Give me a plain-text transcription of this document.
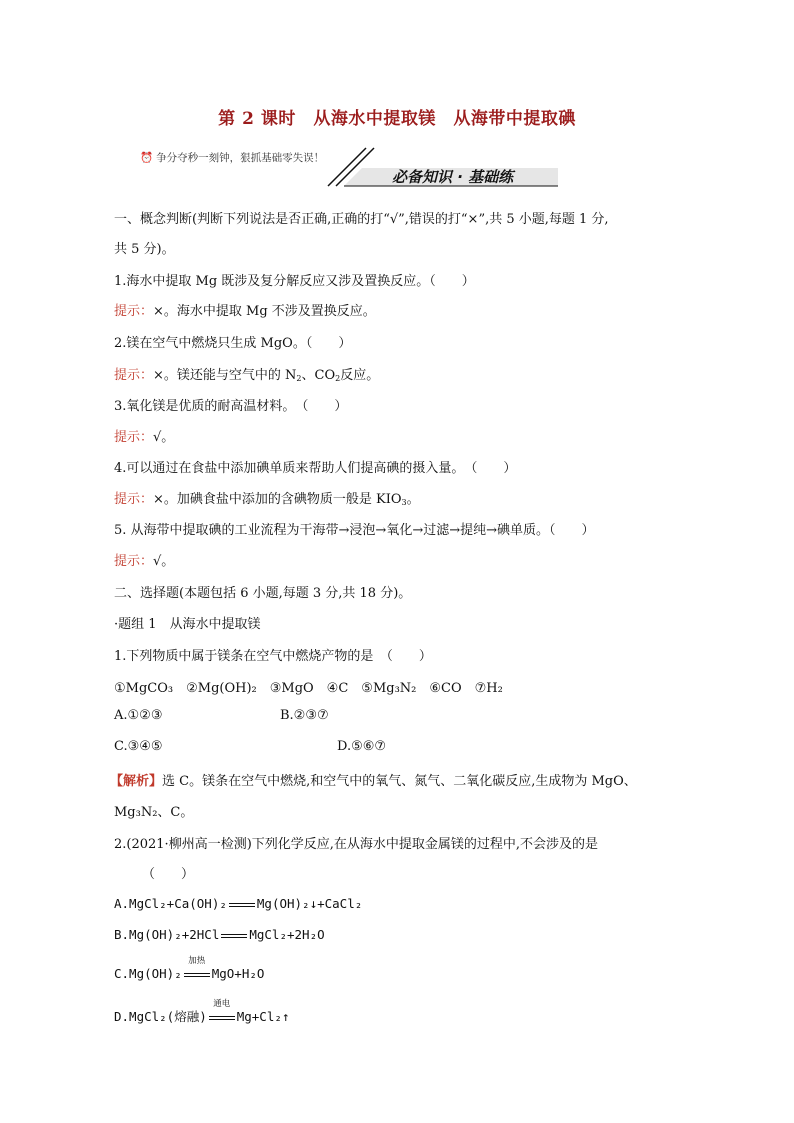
第 2 课时　从海水中提取镁　从海带中提取碘
⏰ 争分夺秒一刻钟，狠抓基础零失误！
必备知识 · 基础练
一、概念判断(判断下列说法是否正确,正确的打“√”,错误的打“×”,共 5 小题,每题 1 分,
共 5 分)。
1.海水中提取 Mg 既涉及复分解反应又涉及置换反应。（　　）
提示：×。海水中提取 Mg 不涉及置换反应。
2.镁在空气中燃烧只生成 MgO。（　　）
提示：×。镁还能与空气中的 $N_2$、$CO_2$反应。
3.氧化镁是优质的耐高温材料。　（　　）
提示：√。
4.可以通过在食盐中添加碘单质来帮助人们提高碘的摄入量。　（　　）
提示：×。加碘食盐中添加的含碘物质一般是 $KIO_3$。
5. 从海带中提取碘的工业流程为干海带→浸泡→氧化→过滤→提纯→碘单质。（　　）
提示：√。
二、选择题(本题包括 6 小题,每题 3 分,共 18 分)。
·题组 1　从海水中提取镁
1.下列物质中属于镁条在空气中燃烧产物的是　（　　）
①MgCO₃　②Mg(OH)₂　③MgO　④C　⑤Mg₃N₂　⑥CO　⑦H₂
A.①②③	B.②③⑦
C.③④⑤	D.⑤⑥⑦
【解析】选 C。镁条在空气中燃烧,和空气中的氧气、氮气、二氧化碳反应,生成物为 MgO、
Mg₃N₂、C。
2.(2021·柳州高一检测)下列化学反应,在从海水中提取金属镁的过程中,不会涉及的是
（　　）
A.MgCl₂+Ca(OH)₂ Mg(OH)₂↓+CaCl₂
B.Mg(OH)₂+2HCl MgCl₂+2H₂O
C.Mg(OH)₂
加热
MgO+H₂O
D.MgCl₂(熔融)
通电
Mg+Cl₂↑
